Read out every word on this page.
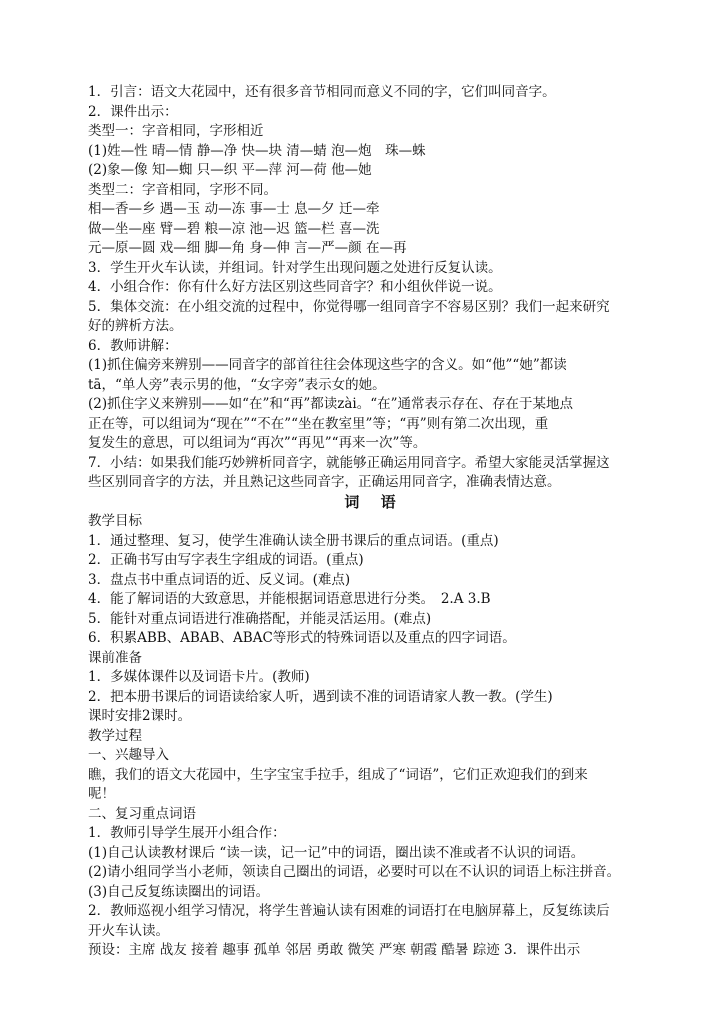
1．引言：语文大花园中，还有很多音节相同而意义不同的字，它们叫同音字。
2．课件出示：
类型一：字音相同，字形相近
(1)姓—性 晴—情 静—净 快—块 清—蜻 泡—炮　珠—蛛
(2)象—像 知—蜘 只—织 平—萍 河—荷 他—她
类型二：字音相同，字形不同。
相—香—乡 遇—玉 动—冻 事—士 息—夕 迁—牵
做—坐—座 臂—碧 粮—凉 池—迟 篮—栏 喜—洗
元—原—圆 戏—细 脚—角 身—伸 言—严—颜 在—再
3．学生开火车认读，并组词。针对学生出现问题之处进行反复认读。
4．小组合作：你有什么好方法区别这些同音字？和小组伙伴说一说。
5．集体交流：在小组交流的过程中，你觉得哪一组同音字不容易区别？我们一起来研究
好的辨析方法。
6．教师讲解：
(1)抓住偏旁来辨别——同音字的部首往往会体现这些字的含义。如“他”“她”都读
tā，“单人旁”表示男的他，“女字旁”表示女的她。
(2)抓住字义来辨别——如“在”和“再”都读zài。“在”通常表示存在、存在于某地点
正在等，可以组词为“现在”“不在”“坐在教室里”等；“再”则有第二次出现，重
复发生的意思，可以组词为“再次”“再见”“再来一次”等。
7．小结：如果我们能巧妙辨析同音字，就能够正确运用同音字。希望大家能灵活掌握这
些区别同音字的方法，并且熟记这些同音字，正确运用同音字，准确表情达意。
词 语
教学目标
1．通过整理、复习，使学生准确认读全册书课后的重点词语。(重点)
2．正确书写由写字表生字组成的词语。(重点)
3．盘点书中重点词语的近、反义词。(难点)
4．能了解词语的大致意思，并能根据词语意思进行分类。　2.A 3.B
5．能针对重点词语进行准确搭配，并能灵活运用。(难点)
6．积累ABB、ABAB、ABAC等形式的特殊词语以及重点的四字词语。
课前准备
1．多媒体课件以及词语卡片。(教师)
2．把本册书课后的词语读给家人听，遇到读不准的词语请家人教一教。(学生)
课时安排2课时。
教学过程
一、兴趣导入
瞧，我们的语文大花园中，生字宝宝手拉手，组成了“词语”，它们正欢迎我们的到来
呢！
二、复习重点词语
1．教师引导学生展开小组合作：
(1)自己认读教材课后 “读一读，记一记”中的词语，圈出读不准或者不认识的词语。
(2)请小组同学当小老师，领读自己圈出的词语，必要时可以在不认识的词语上标注拼音。
(3)自己反复练读圈出的词语。
2．教师巡视小组学习情况，将学生普遍认读有困难的词语打在电脑屏幕上，反复练读后
开火车认读。
预设：主席 战友 接着 趣事 孤单 邻居 勇敢 微笑 严寒 朝霞 酷暑 踪迹 3．课件出示
